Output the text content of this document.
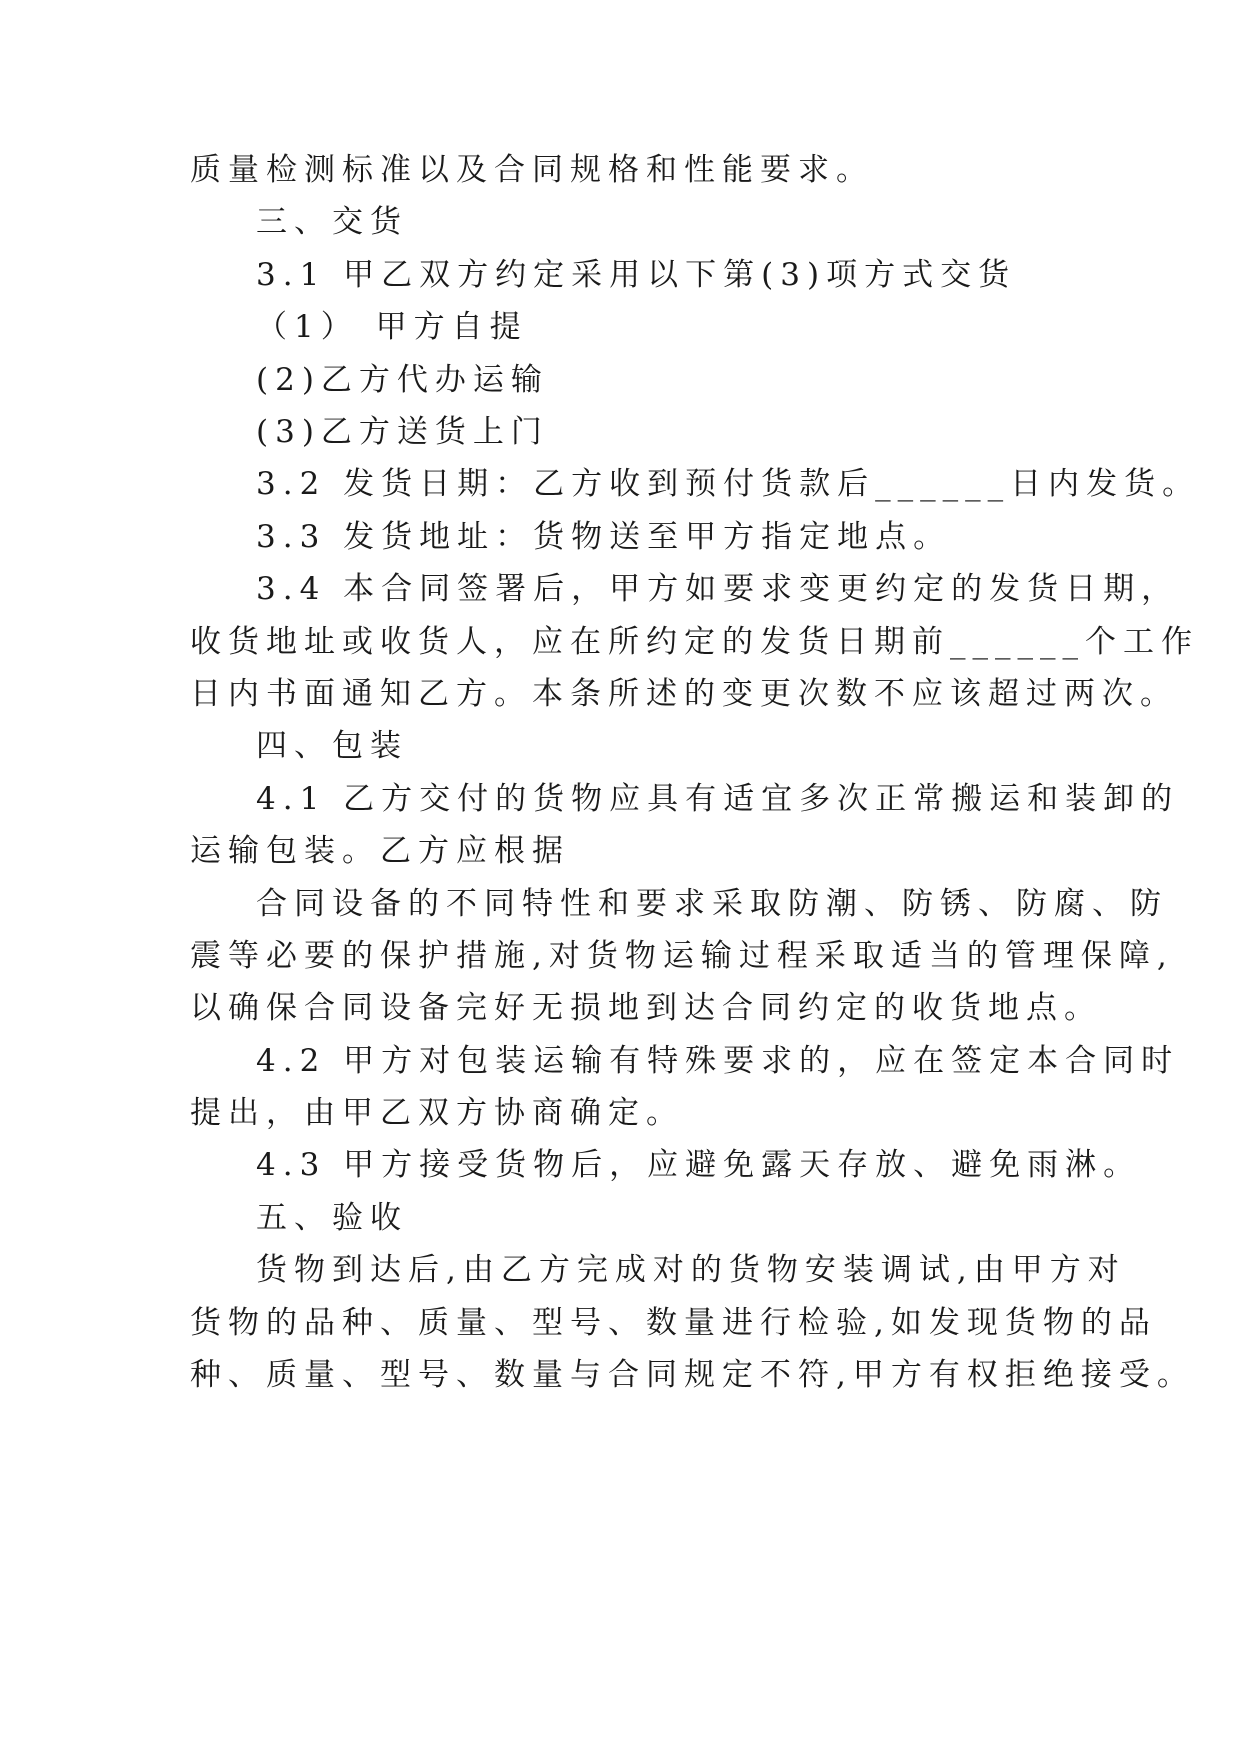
质量检测标准以及合同规格和性能要求。
三、交货
3.1 甲乙双方约定采用以下第(3)项方式交货
（1） 甲方自提
(2)乙方代办运输
(3)乙方送货上门
3.2 发货日期：乙方收到预付货款后______日内发货。
3.3 发货地址：货物送至甲方指定地点。
3.4 本合同签署后，甲方如要求变更约定的发货日期，
收货地址或收货人，应在所约定的发货日期前______个工作
日内书面通知乙方。本条所述的变更次数不应该超过两次。
四、包装
4.1 乙方交付的货物应具有适宜多次正常搬运和装卸的
运输包装。乙方应根据
合同设备的不同特性和要求采取防潮、防锈、防腐、防
震等必要的保护措施,对货物运输过程采取适当的管理保障,
以确保合同设备完好无损地到达合同约定的收货地点。
4.2 甲方对包装运输有特殊要求的，应在签定本合同时
提出，由甲乙双方协商确定。
4.3 甲方接受货物后，应避免露天存放、避免雨淋。
五、验收
货物到达后,由乙方完成对的货物安装调试,由甲方对
货物的品种、质量、型号、数量进行检验,如发现货物的品
种、质量、型号、数量与合同规定不符,甲方有权拒绝接受。
